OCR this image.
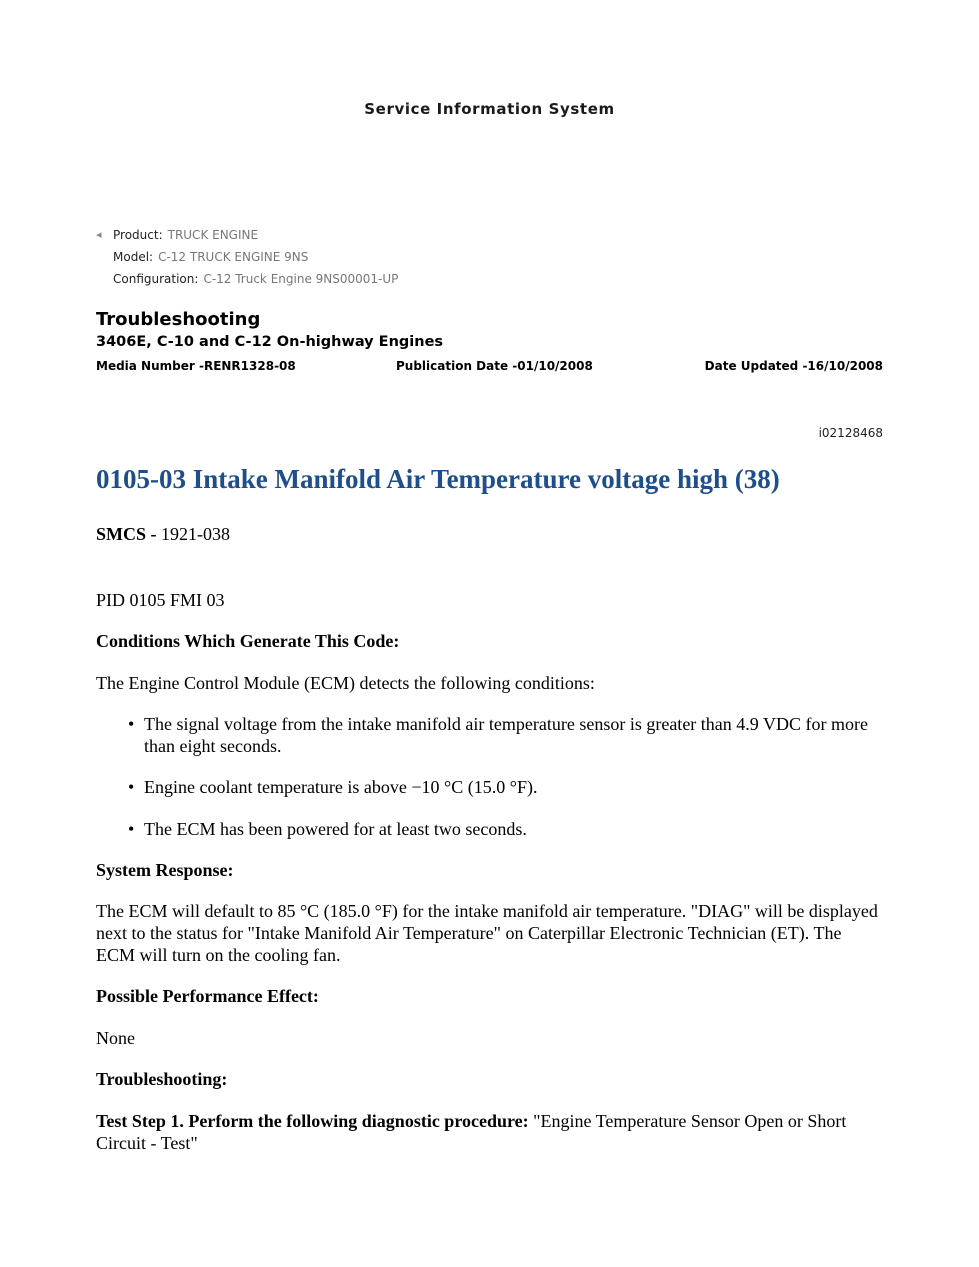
Service Information System
◂ Product: TRUCK ENGINE
Model: C-12 TRUCK ENGINE 9NS
Configuration: C-12 Truck Engine 9NS00001-UP
Troubleshooting
3406E, C-10 and C-12 On-highway Engines
Media Number -RENR1328-08	Publication Date -01/10/2008	Date Updated -16/10/2008
i02128468
0105-03 Intake Manifold Air Temperature voltage high (38)
SMCS - 1921-038
PID 0105 FMI 03
Conditions Which Generate This Code:
The Engine Control Module (ECM) detects the following conditions:
• The signal voltage from the intake manifold air temperature sensor is greater than 4.9 VDC for more than eight seconds.
• Engine coolant temperature is above −10 °C (15.0 °F).
• The ECM has been powered for at least two seconds.
System Response:
The ECM will default to 85 °C (185.0 °F) for the intake manifold air temperature. "DIAG" will be displayed next to the status for "Intake Manifold Air Temperature" on Caterpillar Electronic Technician (ET). The ECM will turn on the cooling fan.
Possible Performance Effect:
None
Troubleshooting:
Test Step 1. Perform the following diagnostic procedure: "Engine Temperature Sensor Open or Short Circuit - Test"
